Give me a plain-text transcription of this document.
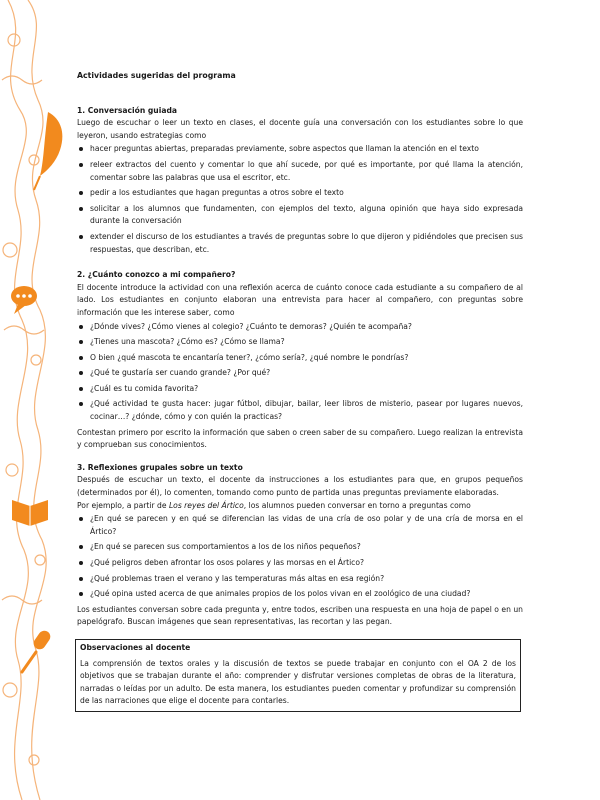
Actividades sugeridas del programa

1. Conversación guiada

Luego de escuchar o leer un texto en clases, el docente guía una conversación con los estudiantes sobre lo que leyeron, usando estrategias como

hacer preguntas abiertas, preparadas previamente, sobre aspectos que llaman la atención en el texto
releer extractos del cuento y comentar lo que ahí sucede, por qué es importante, por qué llama la atención, comentar sobre las palabras que usa el escritor, etc.
pedir a los estudiantes que hagan preguntas a otros sobre el texto
solicitar a los alumnos que fundamenten, con ejemplos del texto, alguna opinión que haya sido expresada durante la conversación
extender el discurso de los estudiantes a través de preguntas sobre lo que dijeron y pidiéndoles que precisen sus respuestas, que describan, etc.

2. ¿Cuánto conozco a mi compañero?

El docente introduce la actividad con una reflexión acerca de cuánto conoce cada estudiante a su compañero de al lado. Los estudiantes en conjunto elaboran una entrevista para hacer al compañero, con preguntas sobre información que les interese saber, como

¿Dónde vives? ¿Cómo vienes al colegio? ¿Cuánto te demoras? ¿Quién te acompaña?
¿Tienes una mascota? ¿Cómo es? ¿Cómo se llama?
O bien ¿qué mascota te encantaría tener?, ¿cómo sería?, ¿qué nombre le pondrías?
¿Qué te gustaría ser cuando grande? ¿Por qué?
¿Cuál es tu comida favorita?
¿Qué actividad te gusta hacer: jugar fútbol, dibujar, bailar, leer libros de misterio, pasear por lugares nuevos, cocinar…? ¿dónde, cómo y con quién la practicas?

Contestan primero por escrito la información que saben o creen saber de su compañero. Luego realizan la entrevista y comprueban sus conocimientos.

3. Reflexiones grupales sobre un texto

Después de escuchar un texto, el docente da instrucciones a los estudiantes para que, en grupos pequeños (determinados por él), lo comenten, tomando como punto de partida unas preguntas previamente elaboradas.

Por ejemplo, a partir de Los reyes del Ártico, los alumnos pueden conversar en torno a preguntas como

¿En qué se parecen y en qué se diferencian las vidas de una cría de oso polar y de una cría de morsa en el Ártico?
¿En qué se parecen sus comportamientos a los de los niños pequeños?
¿Qué peligros deben afrontar los osos polares y las morsas en el Ártico?
¿Qué problemas traen el verano y las temperaturas más altas en esa región?
¿Qué opina usted acerca de que animales propios de los polos vivan en el zoológico de una ciudad?

Los estudiantes conversan sobre cada pregunta y, entre todos, escriben una respuesta en una hoja de papel o en un papelógrafo. Buscan imágenes que sean representativas, las recortan y las pegan.

Observaciones al docente

La comprensión de textos orales y la discusión de textos se puede trabajar en conjunto con el OA 2 de los objetivos que se trabajan durante el año: comprender y disfrutar versiones completas de obras de la literatura, narradas o leídas por un adulto. De esta manera, los estudiantes pueden comentar y profundizar su comprensión de las narraciones que elige el docente para contarles.
